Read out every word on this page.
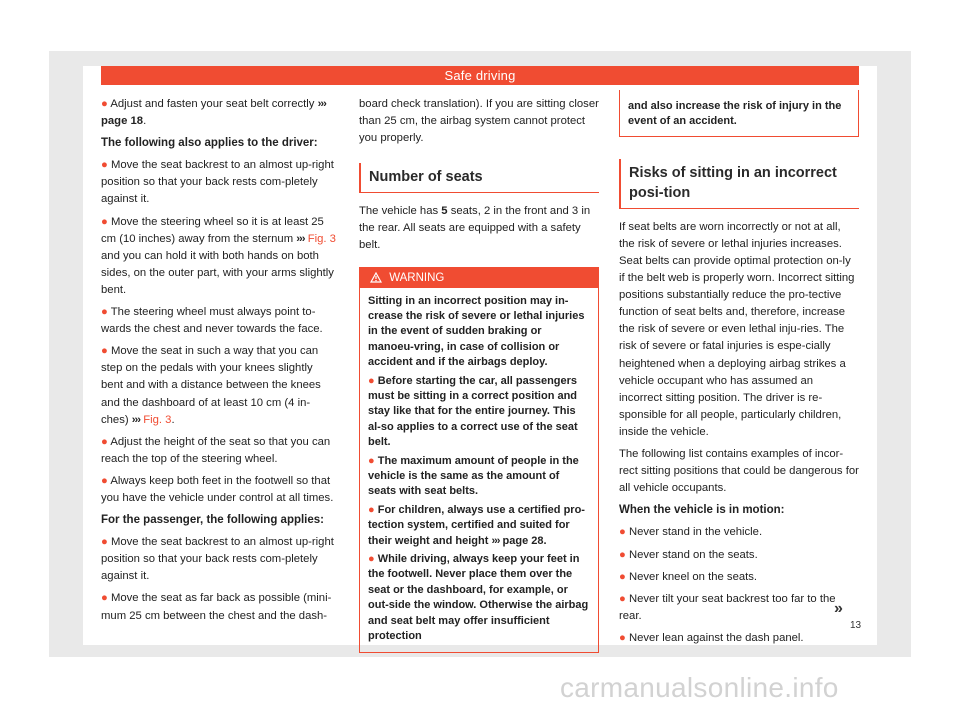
Safe driving

● Adjust and fasten your seat belt correctly ››› page 18.

The following also applies to the driver:

● Move the seat backrest to an almost up-right position so that your back rests com-pletely against it.

● Move the steering wheel so it is at least 25 cm (10 inches) away from the sternum ››› Fig. 3 and you can hold it with both hands on both sides, on the outer part, with your arms slightly bent.

● The steering wheel must always point to-wards the chest and never towards the face.

● Move the seat in such a way that you can step on the pedals with your knees slightly bent and with a distance between the knees and the dashboard of at least 10 cm (4 in-ches) ››› Fig. 3.

● Adjust the height of the seat so that you can reach the top of the steering wheel.

● Always keep both feet in the footwell so that you have the vehicle under control at all times.

For the passenger, the following applies:

● Move the seat backrest to an almost up-right position so that your back rests com-pletely against it.

● Move the seat as far back as possible (mini-mum 25 cm between the chest and the dash-

board check translation). If you are sitting closer than 25 cm, the airbag system cannot protect you properly.

Number of seats

The vehicle has 5 seats, 2 in the front and 3 in the rear. All seats are equipped with a safety belt.

WARNING

Sitting in an incorrect position may in-crease the risk of severe or lethal injuries in the event of sudden braking or manoeu-vring, in case of collision or accident and if the airbags deploy.

● Before starting the car, all passengers must be sitting in a correct position and stay like that for the entire journey. This al-so applies to a correct use of the seat belt.

● The maximum amount of people in the vehicle is the same as the amount of seats with seat belts.

● For children, always use a certified pro-tection system, certified and suited for their weight and height ››› page 28.

● While driving, always keep your feet in the footwell. Never place them over the seat or the dashboard, for example, or out-side the window. Otherwise the airbag and seat belt may offer insufficient protection

and also increase the risk of injury in the event of an accident.
Risks of sitting in an incorrect posi-tion

If seat belts are worn incorrectly or not at all, the risk of severe or lethal injuries increases. Seat belts can provide optimal protection on-ly if the belt web is properly worn. Incorrect sitting positions substantially reduce the pro-tective function of seat belts and, therefore, increase the risk of severe or even lethal inju-ries. The risk of severe or fatal injuries is espe-cially heightened when a deploying airbag strikes a vehicle occupant who has assumed an incorrect sitting position. The driver is re-sponsible for all people, particularly children, inside the vehicle.

The following list contains examples of incor-rect sitting positions that could be dangerous for all vehicle occupants.

When the vehicle is in motion:

● Never stand in the vehicle.

● Never stand on the seats.

● Never kneel on the seats.

● Never tilt your seat backrest too far to the rear.

● Never lean against the dash panel.

»
13
carmanualsonline.info
